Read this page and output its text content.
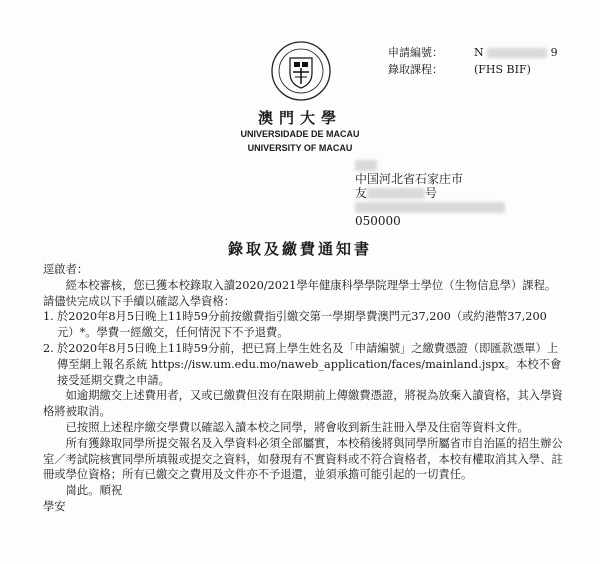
申請編號：	N	9
錄取課程：	(FHS BIF)
· · · · · · ·
澳門大學
UNIVERSIDADE DE MACAU
UNIVERSITY OF MACAU
中国河北省石家庄市
友	号
050000
錄取及繳費通知書

逕啟者：

經本校審核，您已獲本校錄取入讀2020/2021學年健康科學學院理學士學位（生物信息學）課程。請儘快完成以下手續以確認入學資格：

1. 於2020年8月5日晚上11時59分前按繳費指引繳交第一學期學費澳門元37,200（或約港幣37,200元）*。學費一經繳交，任何情況下不予退費。
2. 於2020年8月5日晚上11時59分前，把已寫上學生姓名及「申請編號」之繳費憑證（即匯款憑單）上傳至網上報名系統 https://isw.um.edu.mo/naweb_application/faces/mainland.jspx。本校不會接受延期交費之申請。

如逾期繳交上述費用者，又或已繳費但沒有在限期前上傳繳費憑證，將視為放棄入讀資格，其入學資格將被取消。

已按照上述程序繳交學費以確認入讀本校之同學，將會收到新生註冊入學及住宿等資料文件。

所有獲錄取同學所提交報名及入學資料必須全部屬實，本校稍後將與同學所屬省市自治區的招生辦公室／考試院核實同學所填報或提交之資料，如發現有不實資料或不符合資格者，本校有權取消其入學、註冊或學位資格；所有已繳交之費用及文件亦不予退還，並須承擔可能引起的一切責任。

崗此。順祝

學安
